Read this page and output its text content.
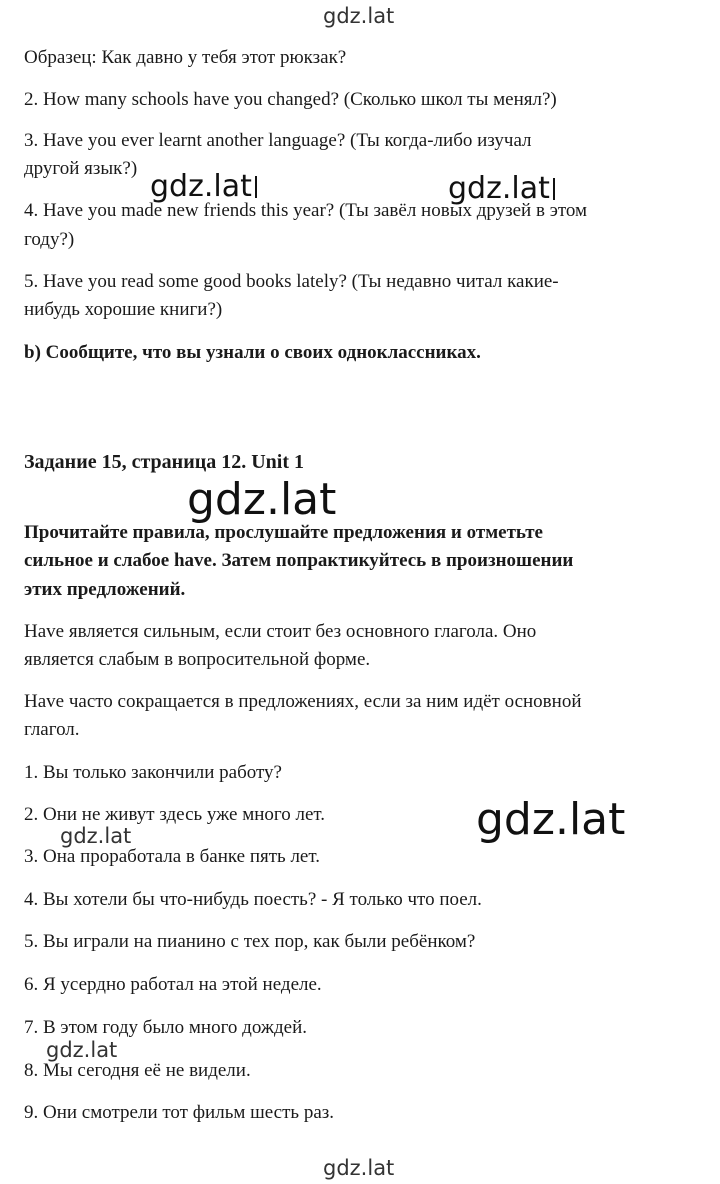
Образец: Как давно у тебя этот рюкзак?
2. How many schools have you changed? (Сколько школ ты менял?)
3. Have you ever learnt another language? (Ты когда-либо изучал
другой язык?)
4. Have you made new friends this year? (Ты завёл новых друзей в этом
году?)
5. Have you read some good books lately? (Ты недавно читал какие-
нибудь хорошие книги?)
b) Сообщите, что вы узнали о своих одноклассниках.
Задание 15, страница 12. Unit 1
Прочитайте правила, прослушайте предложения и отметьте
сильное и слабое have. Затем попрактикуйтесь в произношении
этих предложений.
Have является сильным, если стоит без основного глагола. Оно
является слабым в вопросительной форме.
Have часто сокращается в предложениях, если за ним идёт основной
глагол.
1. Вы только закончили работу?
2. Они не живут здесь уже много лет.
3. Она проработала в банке пять лет.
4. Вы хотели бы что-нибудь поесть? - Я только что поел.
5. Вы играли на пианино с тех пор, как были ребёнком?
6. Я усердно работал на этой неделе.
7. В этом году было много дождей.
8. Мы сегодня её не видели.
9. Они смотрели тот фильм шесть раз.
gdz.lat
gdz.lat	gdz.lat
gdz.lat
gdz.lat
gdz.lat
gdz.lat
gdz.lat
